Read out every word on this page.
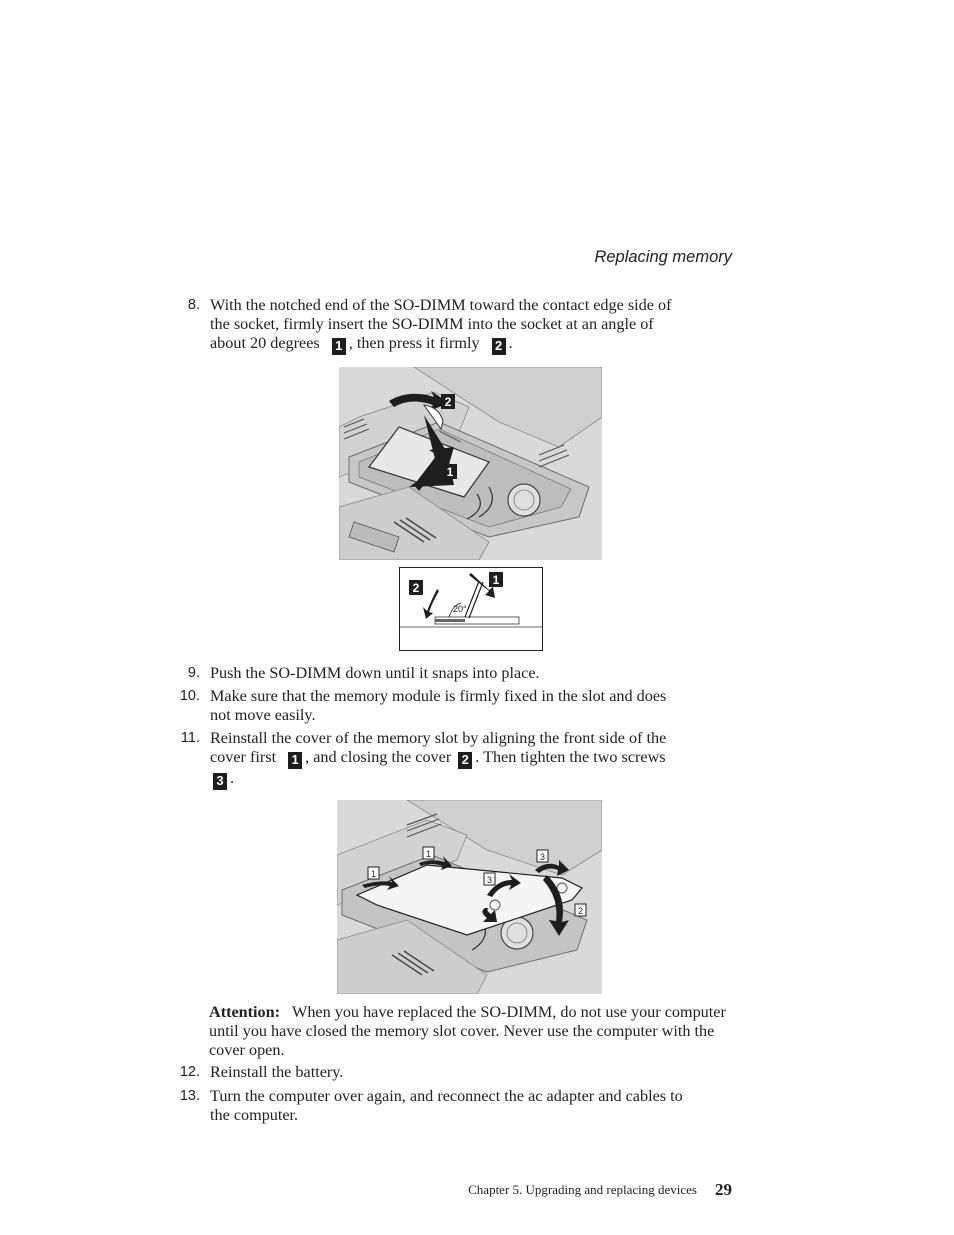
Replacing memory
8. With the notched end of the SO-DIMM toward the contact edge side of
the socket, firmly insert the SO-DIMM into the socket at an angle of
about 20 degrees 1 , then press it firmly 2 .
2
1
20°
2
1
9. Push the SO-DIMM down until it snaps into place.
10. Make sure that the memory module is firmly fixed in the slot and does
not move easily.
11. Reinstall the cover of the memory slot by aligning the front side of the
cover first 1 , and closing the cover 2 . Then tighten the two screws
3 .
1
1
3
3
2
Attention: When you have replaced the SO-DIMM, do not use your computer until you have closed the memory slot cover. Never use the computer with the cover open.
12. Reinstall the battery.
13. Turn the computer over again, and reconnect the ac adapter and cables to
the computer.
Chapter 5. Upgrading and replacing devices 29
